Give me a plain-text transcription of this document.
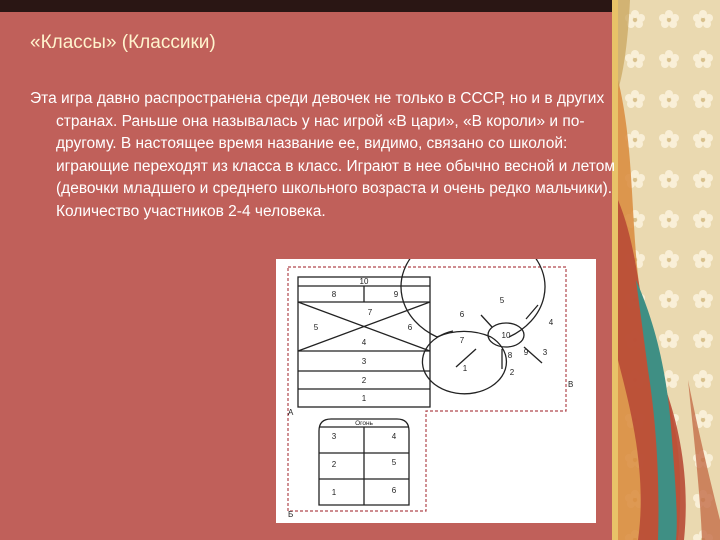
«Классы» (Классики)

Эта игра давно распространена среди девочек не только в СССР, но и в других странах. Раньше она называлась у нас игрой «В цари», «В короли» и по-другому. В настоящее время название ее, видимо, связано со школой: играющие переходят из класса в класс. Играют в нее обычно весной и летом (девочки младшего и среднего школьного возраста и очень редко мальчики). Количество участников 2-4 человека.

10
8	9
7
5	6
4
3
2
1
А
10
9
8
7
6
5
4
3
2
1
В
Огонь
3	4
2	5
1	6
Б
